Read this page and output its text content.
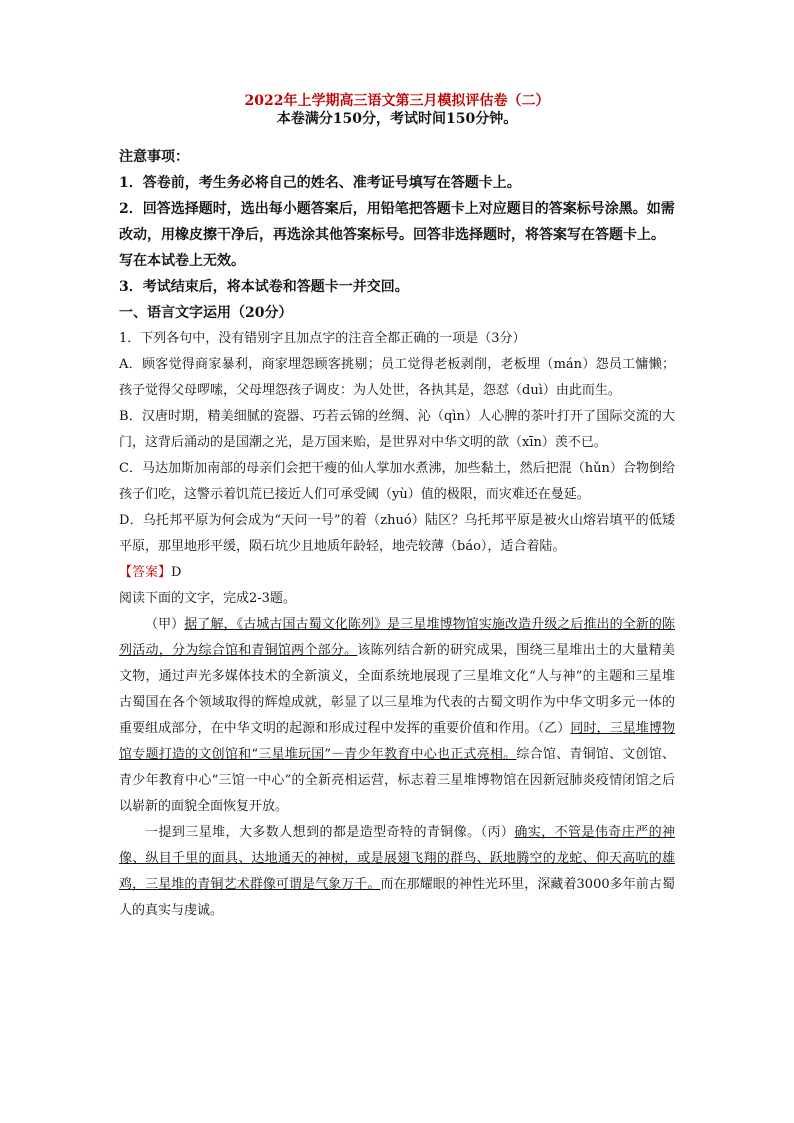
2022年上学期高三语文第三月模拟评估卷（二）

本卷满分150分，考试时间150分钟。

注意事项：

1．答卷前，考生务必将自己的姓名、准考证号填写在答题卡上。

2．回答选择题时，选出每小题答案后，用铅笔把答题卡上对应题目的答案标号涂黑。如需改动，用橡皮擦干净后，再选涂其他答案标号。回答非选择题时，将答案写在答题卡上。写在本试卷上无效。

3．考试结束后，将本试卷和答题卡一并交回。

一、语言文字运用（20分）

1．下列各句中，没有错别字且加点字的注音全都正确的一项是（3分）

A．顾客觉得商家暴利，商家埋怨顾客挑剔；员工觉得老板剥削，老板埋（mán）怨员工慵懒；孩子觉得父母啰嗦，父母埋怨孩子调皮：为人处世，各执其是，怨怼（duì）由此而生。

B．汉唐时期，精美细腻的瓷器、巧若云锦的丝绸、沁（qìn）人心脾的茶叶打开了国际交流的大门，这背后涌动的是国潮之光，是万国来贻，是世界对中华文明的歆（xīn）羡不已。

C．马达加斯加南部的母亲们会把干瘦的仙人掌加水煮沸，加些黏土，然后把混（hǔn）合物倒给孩子们吃，这警示着饥荒已接近人们可承受阈（yù）值的极限，而灾难还在曼延。

D．乌托邦平原为何会成为“天问一号”的着（zhuó）陆区？乌托邦平原是被火山熔岩填平的低矮平原，那里地形平缓，陨石坑少且地质年龄轻，地壳较薄（báo），适合着陆。

【答案】D

阅读下面的文字，完成2-3题。

（甲）据了解，《古城古国古蜀文化陈列》是三星堆博物馆实施改造升级之后推出的全新的陈列活动，分为综合馆和青铜馆两个部分。该陈列结合新的研究成果，围绕三星堆出土的大量精美文物，通过声光多媒体技术的全新演义，全面系统地展现了三星堆文化“人与神”的主题和三星堆古蜀国在各个领域取得的辉煌成就，彰显了以三星堆为代表的古蜀文明作为中华文明多元一体的重要组成部分，在中华文明的起源和形成过程中发挥的重要价值和作用。（乙）同时，三星堆博物馆专题打造的文创馆和“三星堆玩国”－青少年教育中心也正式亮相。综合馆、青铜馆、文创馆、青少年教育中心“三馆一中心”的全新亮相运营，标志着三星堆博物馆在因新冠肺炎疫情闭馆之后以崭新的面貌全面恢复开放。

一提到三星堆，大多数人想到的都是造型奇特的青铜像。（丙）确实，不管是伟奇庄严的神像、纵目千里的面具、达地通天的神树，或是展翅飞翔的群鸟、跃地腾空的龙蛇、仰天高吭的雄鸡，三星堆的青铜艺术群像可谓是气象万千。而在那耀眼的神性光环里，深藏着3000多年前古蜀人的真实与虔诚。
